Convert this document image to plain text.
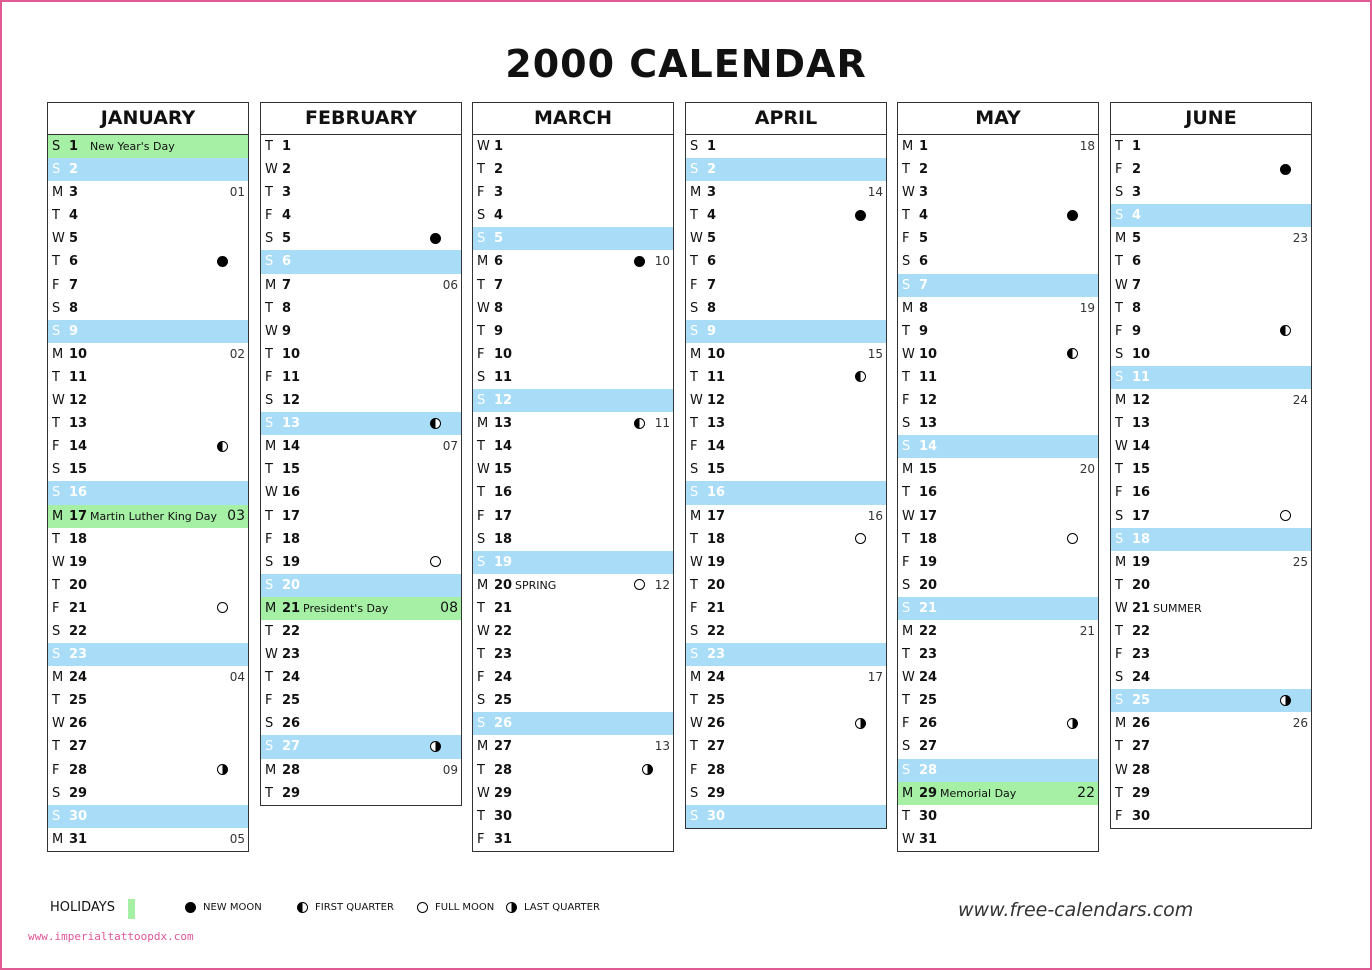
2000 CALENDAR
JANUARY
S 1 New Year's Day
S 2
M 3	01
T 4
W 5
T 6
F 7
S 8
S 9
M 10	02
T 11
W 12
T 13
F 14
S 15
S 16
M 17 Martin Luther King Day 03
T 18
W 19
T 20
F 21
S 22
S 23
M 24	04
T 25
W 26
T 27
F 28
S 29
S 30
M 31	05
FEBRUARY
T 1
W 2
T 3
F 4
S 5
S 6
M 7	06
T 8
W 9
T 10
F 11
S 12
S 13
M 14	07
T 15
W 16
T 17
F 18
S 19
S 20
M 21 President's Day	08
T 22
W 23
T 24
F 25
S 26
S 27
M 28	09
T 29
MARCH
W 1
T 2
F 3
S 4
S 5
M 6	10
T 7
W 8
T 9
F 10
S 11
S 12
M 13	11
T 14
W 15
T 16
F 17
S 18
S 19
M 20 SPRING	12
T 21
W 22
T 23
F 24
S 25
S 26
M 27	13
T 28
W 29
T 30
F 31
APRIL
S 1
S 2
M 3	14
T 4
W 5
T 6
F 7
S 8
S 9
M 10	15
T 11
W 12
T 13
F 14
S 15
S 16
M 17	16
T 18
W 19
T 20
F 21
S 22
S 23
M 24	17
T 25
W 26
T 27
F 28
S 29
S 30
MAY
M 1	18
T 2
W 3
T 4
F 5
S 6
S 7
M 8	19
T 9
W 10
T 11
F 12
S 13
S 14
M 15	20
T 16
W 17
T 18
F 19
S 20
S 21
M 22	21
T 23
W 24
T 25
F 26
S 27
S 28
M 29 Memorial Day	22
T 30
W 31
JUNE
T 1
F 2
S 3
S 4
M 5	23
T 6
W 7
T 8
F 9
S 10
S 11
M 12	24
T 13
W 14
T 15
F 16
S 17
S 18
M 19	25
T 20
W 21 SUMMER
T 22
F 23
S 24
S 25
M 26	26
T 27
W 28
T 29
F 30
HOLIDAYS	NEW MOON	FIRST QUARTER	FULL MOON	LAST QUARTER	www.free-calendars.com
www.imperialtattoopdx.com
